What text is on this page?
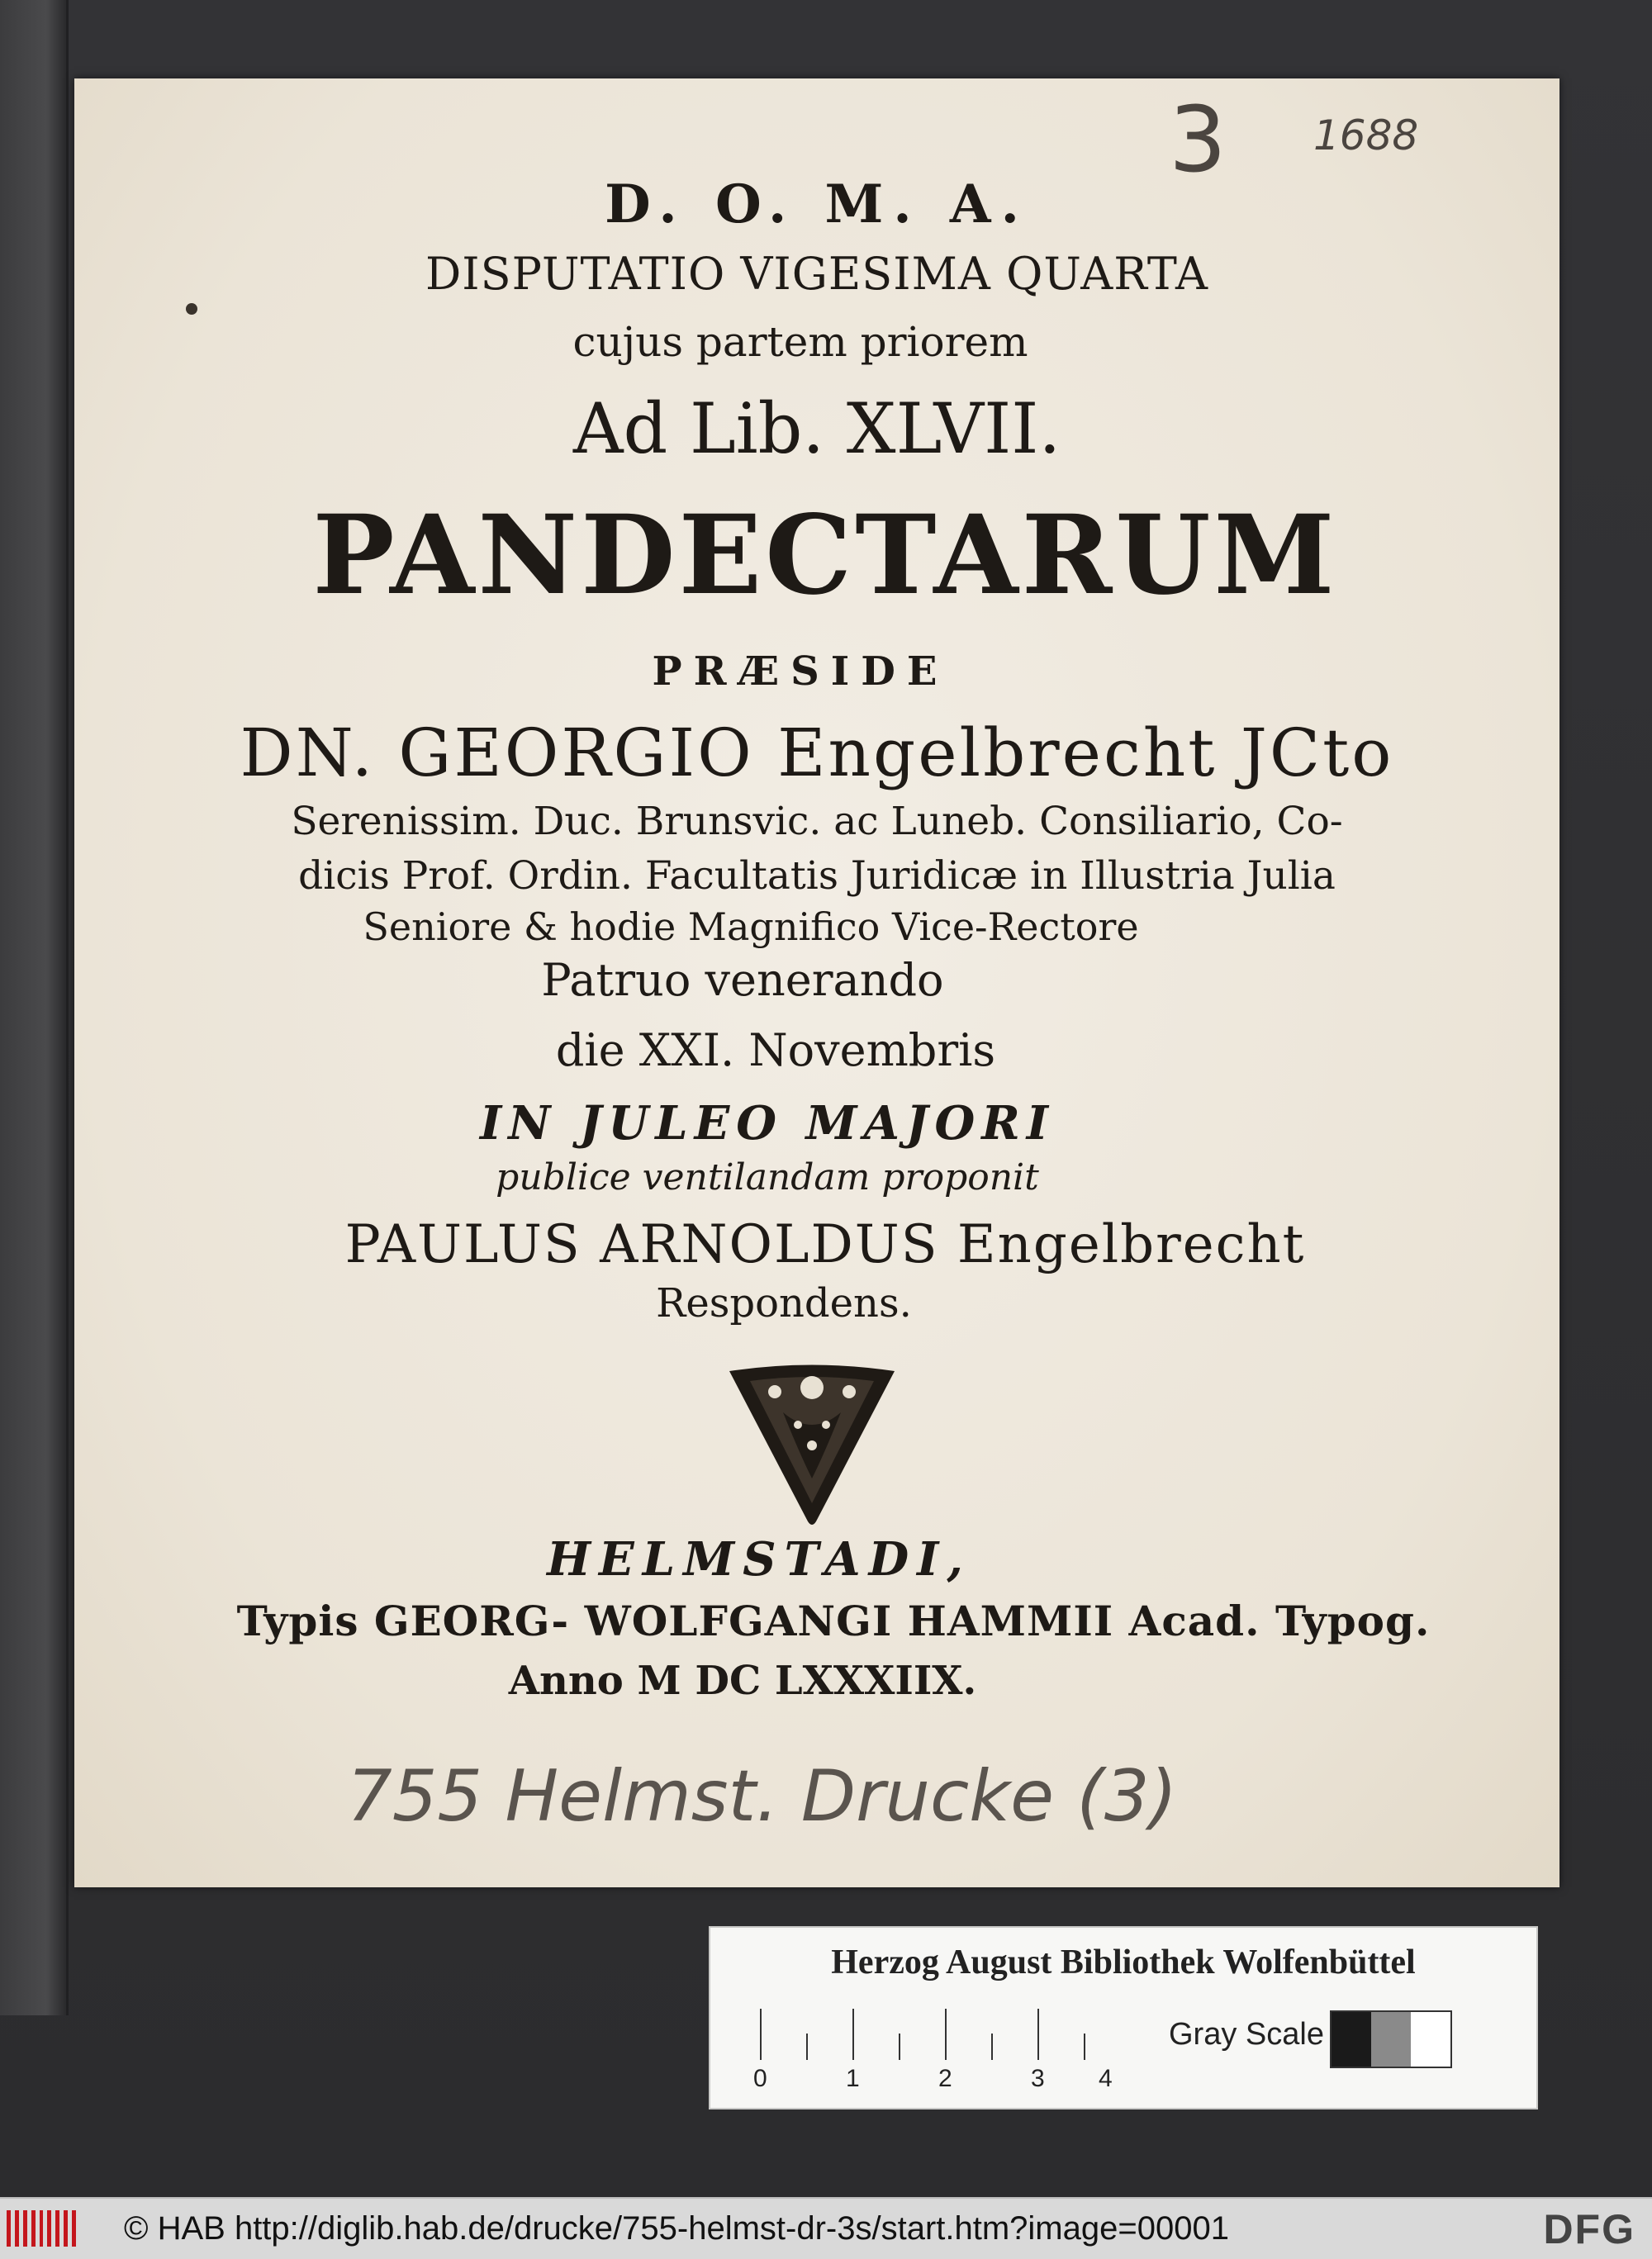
3 1688
D. O. M. A.
DISPUTATIO VIGESIMA QUARTA
cujus partem priorem
Ad Lib. XLVII.
PANDECTARUM
PRÆSIDE
DN. GEORGIO Engelbrecht JCto
Serenissim. Duc. Brunsvic. ac Luneb. Consiliario, Co-
dicis Prof. Ordin. Facultatis Juridicæ in Illustria Julia
Seniore & hodie Magnifico Vice-Rectore
Patruo venerando
die XXI. Novembris
IN JULEO MAJORI
publice ventilandam proponit
PAULUS ARNOLDUS Engelbrecht
Respondens.
HELMSTADI,
Typis GEORG- WOLFGANGI HAMMII Acad. Typog.
Anno M DC LXXXIIX.
755 Helmst. Drucke (3)
Herzog August Bibliothek Wolfenbüttel
0	1	2	3 4
Gray Scale
© HAB http://diglib.hab.de/drucke/755-helmst-dr-3s/start.htm?image=00001	DFG
